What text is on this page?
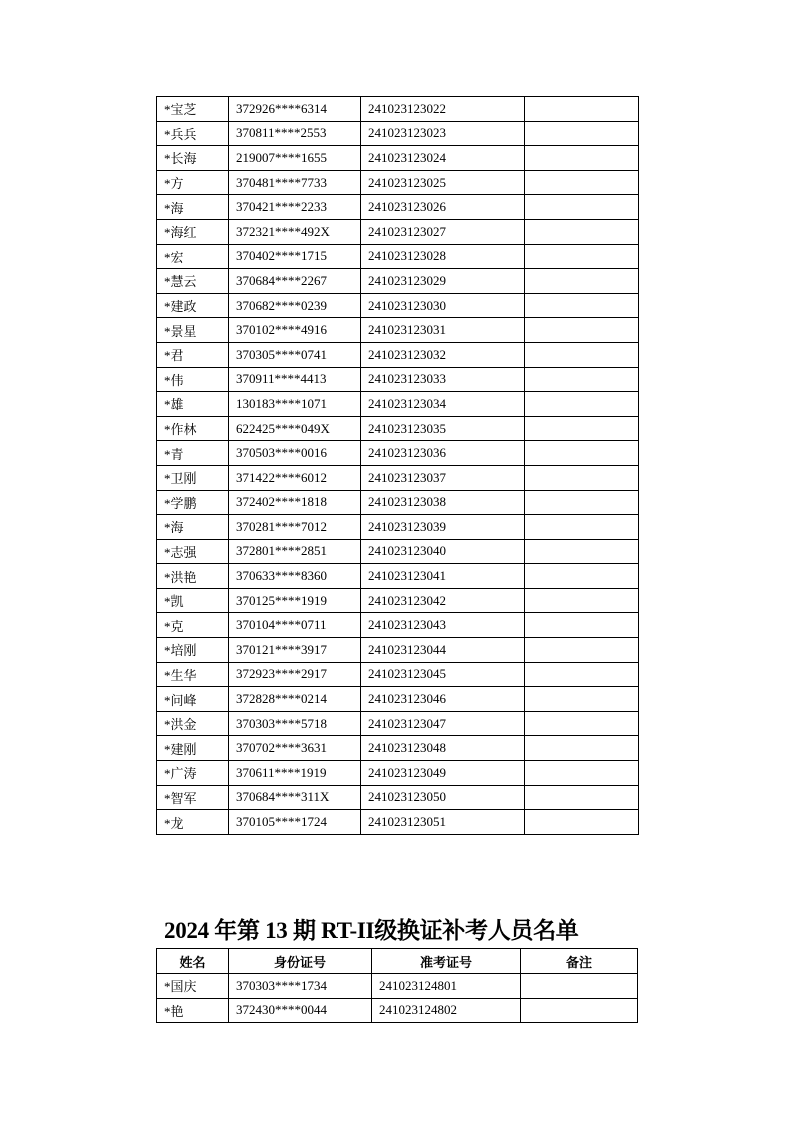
*宝芝	372926****6314	241023123022	
*兵兵	370811****2553	241023123023	
*长海	219007****1655	241023123024	
*方	370481****7733	241023123025	
*海	370421****2233	241023123026	
*海红	372321****492X	241023123027	
*宏	370402****1715	241023123028	
*慧云	370684****2267	241023123029	
*建政	370682****0239	241023123030	
*景星	370102****4916	241023123031	
*君	370305****0741	241023123032	
*伟	370911****4413	241023123033	
*雄	130183****1071	241023123034	
*作林	622425****049X	241023123035	
*青	370503****0016	241023123036	
*卫刚	371422****6012	241023123037	
*学鹏	372402****1818	241023123038	
*海	370281****7012	241023123039	
*志强	372801****2851	241023123040	
*洪艳	370633****8360	241023123041	
*凯	370125****1919	241023123042	
*克	370104****0711	241023123043	
*培刚	370121****3917	241023123044	
*生华	372923****2917	241023123045	
*问峰	372828****0214	241023123046	
*洪金	370303****5718	241023123047	
*建刚	370702****3631	241023123048	
*广涛	370611****1919	241023123049	
*智军	370684****311X	241023123050	
*龙	370105****1724	241023123051	
2024 年第 13 期 RT-II级换证补考人员名单
姓名	身份证号	准考证号	备注
*国庆	370303****1734	241023124801	
*艳	372430****0044	241023124802	
